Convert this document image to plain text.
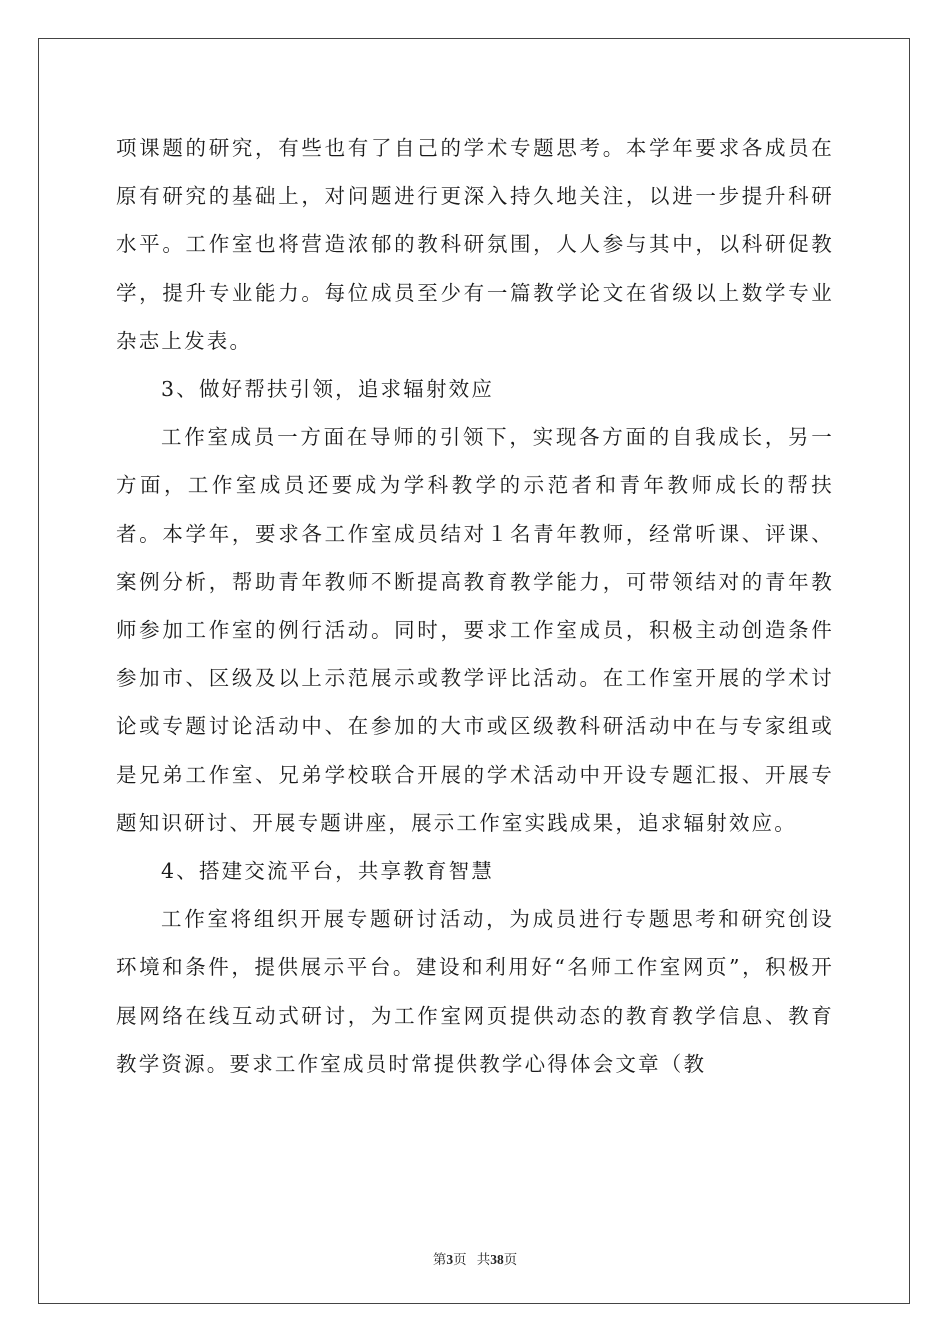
项课题的研究，有些也有了自己的学术专题思考。本学年要求各成员在原有研究的基础上，对问题进行更深入持久地关注，以进一步提升科研水平。工作室也将营造浓郁的教科研氛围，人人参与其中，以科研促教学，提升专业能力。每位成员至少有一篇教学论文在省级以上数学专业杂志上发表。

3、做好帮扶引领，追求辐射效应

工作室成员一方面在导师的引领下，实现各方面的自我成长，另一方面，工作室成员还要成为学科教学的示范者和青年教师成长的帮扶者。本学年，要求各工作室成员结对１名青年教师，经常听课、评课、案例分析，帮助青年教师不断提高教育教学能力，可带领结对的青年教师参加工作室的例行活动。同时，要求工作室成员，积极主动创造条件参加市、区级及以上示范展示或教学评比活动。在工作室开展的学术讨论或专题讨论活动中、在参加的大市或区级教科研活动中在与专家组或是兄弟工作室、兄弟学校联合开展的学术活动中开设专题汇报、开展专题知识研讨、开展专题讲座，展示工作室实践成果，追求辐射效应。

4、搭建交流平台，共享教育智慧

工作室将组织开展专题研讨活动，为成员进行专题思考和研究创设环境和条件，提供展示平台。建设和利用好“名师工作室网页”，积极开展网络在线互动式研讨，为工作室网页提供动态的教育教学信息、教育教学资源。要求工作室成员时常提供教学心得体会文章（教

第3页 共38页
